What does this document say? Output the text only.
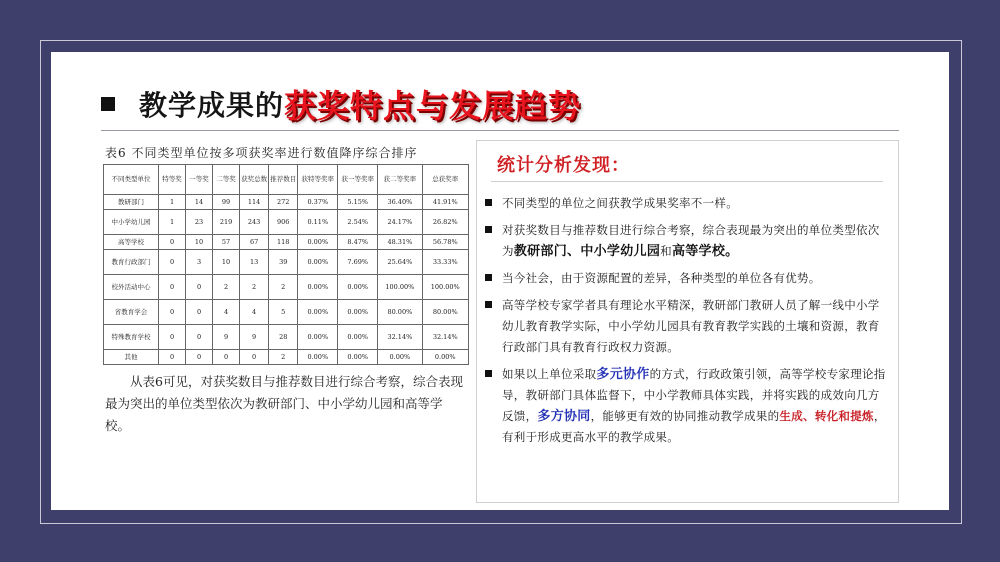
教学成果的 获奖特点与发展趋势
表6 不同类型单位按多项获奖率进行数值降序综合排序
不同类型单位	特等奖	一等奖	二等奖	获奖总数	推荐数目	获特等奖率	获一等奖率	获二等奖率	总获奖率
教研部门	1	14	99	114	272	0.37%	5.15%	36.40%	41.91%
中小学幼儿园	1	23	219	243	906	0.11%	2.54%	24.17%	26.82%
高等学校	0	10	57	67	118	0.00%	8.47%	48.31%	56.78%
教育行政部门	0	3	10	13	39	0.00%	7.69%	25.64%	33.33%
校外活动中心	0	0	2	2	2	0.00%	0.00%	100.00%	100.00%
省教育学会	0	0	4	4	5	0.00%	0.00%	80.00%	80.00%
特殊教育学校	0	0	9	9	28	0.00%	0.00%	32.14%	32.14%
其他	0	0	0	0	2	0.00%	0.00%	0.00%	0.00%
从表6可见，对获奖数目与推荐数目进行综合考察，综合表现最为突出的单位类型依次为教研部门、中小学幼儿园和高等学校。
统计分析发现：
不同类型的单位之间获教学成果奖率不一样。
对获奖数目与推荐数目进行综合考察，综合表现最为突出的单位类型依次为教研部门、中小学幼儿园和高等学校。
当今社会，由于资源配置的差异，各种类型的单位各有优势。
高等学校专家学者具有理论水平精深，教研部门教研人员了解一线中小学幼儿教育教学实际，中小学幼儿园具有教育教学实践的土壤和资源，教育行政部门具有教育行政权力资源。
如果以上单位采取多元协作的方式，行政政策引领，高等学校专家理论指导，教研部门具体监督下，中小学教师具体实践，并将实践的成效向几方反馈，多方协同，能够更有效的协同推动教学成果的生成、转化和提炼，有利于形成更高水平的教学成果。
